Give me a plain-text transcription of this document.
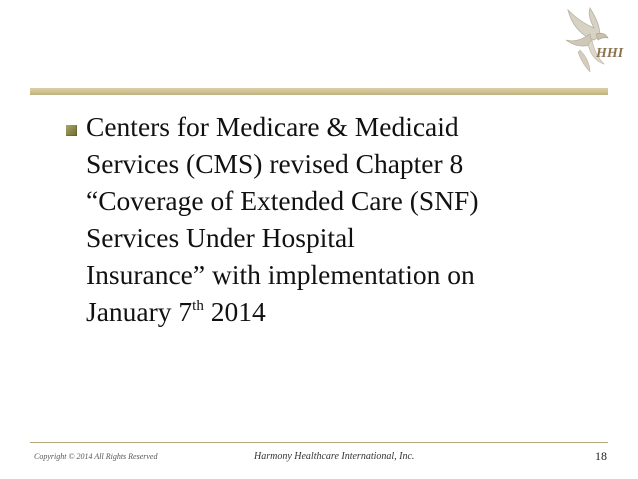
HHI

Centers for Medicare & Medicaid
Services (CMS) revised Chapter 8
“Coverage of Extended Care (SNF)
Services Under Hospital
Insurance” with implementation on
January 7th 2014

Copyright © 2014 All Rights Reserved	Harmony Healthcare International, Inc.	18
